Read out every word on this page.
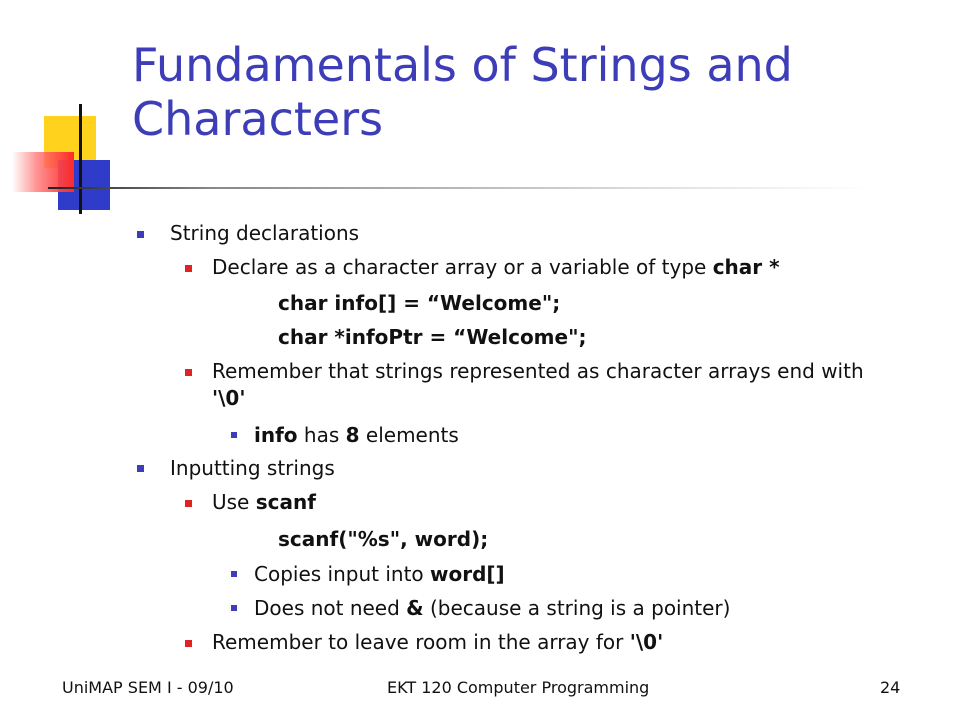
Fundamentals of Strings and Characters
String declarations
Declare as a character array or a variable of type char *
char info[] = “Welcome";
char *infoPtr = “Welcome";
Remember that strings represented as character arrays end with
'\0'
info has 8 elements
Inputting strings
Use scanf
scanf("%s", word);
Copies input into word[]
Does not need & (because a string is a pointer)
Remember to leave room in the array for '\0'
UniMAP SEM I - 09/10	EKT 120 Computer Programming	24
